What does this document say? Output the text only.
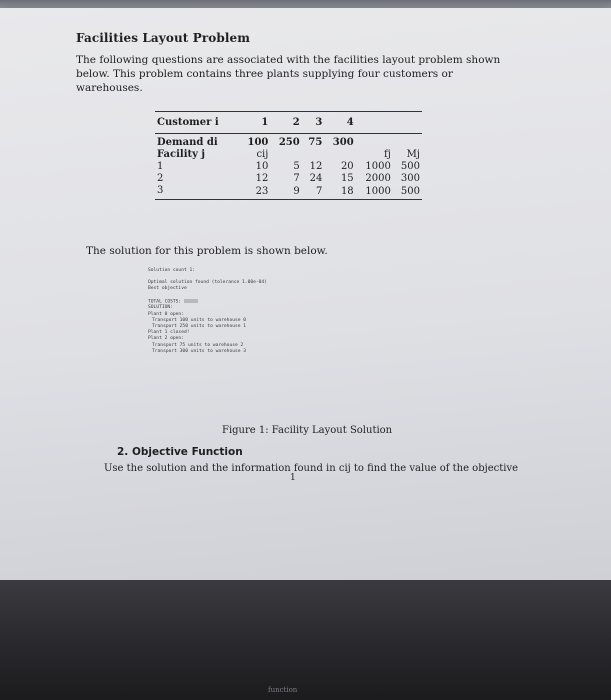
Facilities Layout Problem
The following questions are associated with the facilities layout problem shown below. This problem contains three plants supplying four customers or warehouses.
Customer i	1	2	3	4		
Demand di	100	250	75	300		
Facility j	cij				fj	Mj
1	10	5	12	20	1000	500
2	12	7	24	15	2000	300
3	23	9	7	18	1000	500
The solution for this problem is shown below.
Solution count 1:
Optimal solution found (tolerance 1.00e-04)
Best objective
TOTAL COSTS:
SOLUTION:
Plant 0 open:
Transport 100 units to warehouse 0
Transport 250 units to warehouse 1
Plant 1 closed!
Plant 2 open:
Transport 75 units to warehouse 2
Transport 300 units to warehouse 3
Figure 1: Facility Layout Solution
2. Objective Function
Use the solution and the information found in cij to find the value of the objective
1
function
